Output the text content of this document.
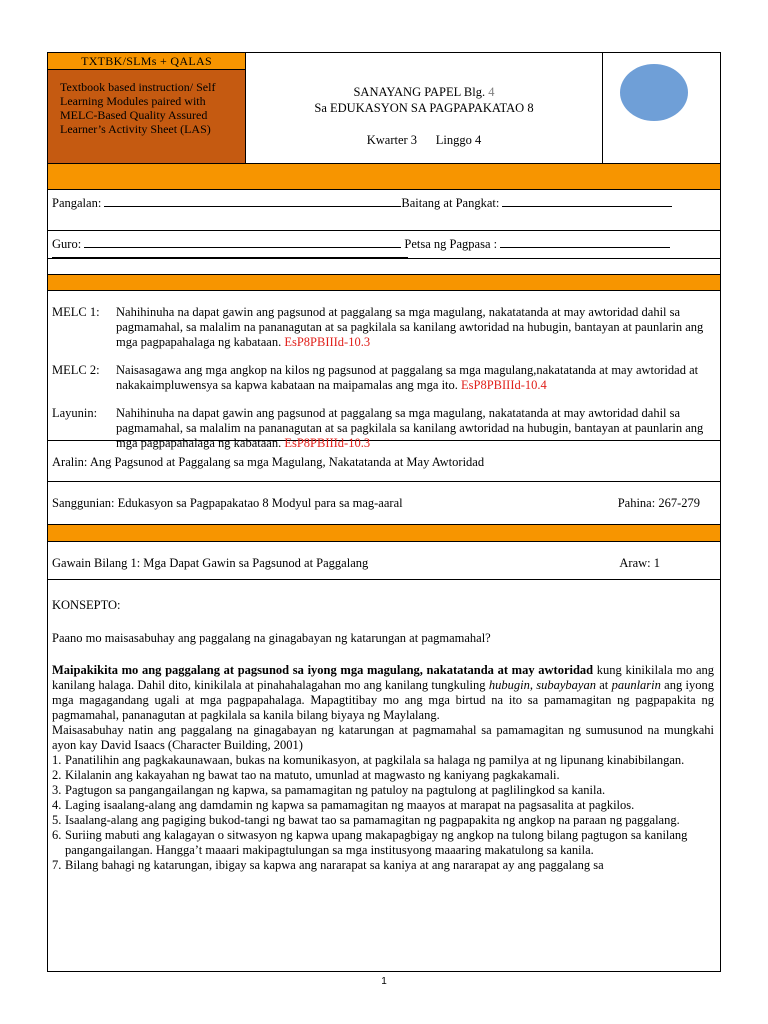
TXTBK/SLMs + QALAS
Textbook based instruction/ Self Learning Modules paired with MELC-Based Quality Assured Learner’s Activity Sheet (LAS)
SANAYANG PAPEL Blg. 4
Sa EDUKASYON SA PAGPAPAKATAO 8
Kwarter 3 Linggo 4
Pangalan:	Baitang at Pangkat:
Guro:	Petsa ng Pagpasa :

MELC 1:	Nahihinuha na dapat gawin ang pagsunod at paggalang sa mga magulang, nakatatanda at may awtoridad dahil sa pagmamahal, sa malalim na pananagutan at sa pagkilala sa kanilang awtoridad na hubugin, bantayan at paunlarin ang mga pagpapahalaga ng kabataan. EsP8PBIIId-10.3

MELC 2:	Naisasagawa ang mga angkop na kilos ng pagsunod at paggalang sa mga magulang,nakatatanda at may awtoridad at nakakaimpluwensya sa kapwa kabataan na maipamalas ang mga ito. EsP8PBIIId-10.4

Layunin:	Nahihinuha na dapat gawin ang pagsunod at paggalang sa mga magulang, nakatatanda at may awtoridad dahil sa pagmamahal, sa malalim na pananagutan at sa pagkilala sa kanilang awtoridad na hubugin, bantayan at paunlarin ang mga pagpapahalaga ng kabataan. EsP8PBIIId-10.3

Aralin: Ang Pagsunod at Paggalang sa mga Magulang, Nakatatanda at May Awtoridad
Sanggunian: Edukasyon sa Pagpapakatao 8 Modyul para sa mag-aaral	Pahina: 267-279
Gawain Bilang 1: Mga Dapat Gawin sa Pagsunod at Paggalang	Araw: 1

KONSEPTO:

Paano mo maisasabuhay ang paggalang na ginagabayan ng katarungan at pagmamahal?

Maipakikita mo ang paggalang at pagsunod sa iyong mga magulang, nakatatanda at may awtoridad kung kinikilala mo ang kanilang halaga. Dahil dito, kinikilala at pinahahalagahan mo ang kanilang tungkuling hubugin, subaybayan at paunlarin ang iyong mga magagandang ugali at mga pagpapahalaga. Mapagtitibay mo ang mga birtud na ito sa pamamagitan ng pagpapakita ng pagmamahal, pananagutan at pagkilala sa kanila bilang biyaya ng Maylalang.

Maisasabuhay natin ang paggalang na ginagabayan ng katarungan at pagmamahal sa pamamagitan ng sumusunod na mungkahi ayon kay David Isaacs (Character Building, 2001)

1. Panatilihin ang pagkakaunawaan, bukas na komunikasyon, at pagkilala sa halaga ng pamilya at ng lipunang kinabibilangan.
2. Kilalanin ang kakayahan ng bawat tao na matuto, umunlad at magwasto ng kaniyang pagkakamali.
3. Pagtugon sa pangangailangan ng kapwa, sa pamamagitan ng patuloy na pagtulong at paglilingkod sa kanila.
4. Laging isaalang-alang ang damdamin ng kapwa sa pamamagitan ng maayos at marapat na pagsasalita at pagkilos.
5. Isaalang-alang ang pagiging bukod-tangi ng bawat tao sa pamamagitan ng pagpapakita ng angkop na paraan ng paggalang.
6. Suriing mabuti ang kalagayan o sitwasyon ng kapwa upang makapagbigay ng angkop na tulong bilang pagtugon sa kanilang pangangailangan. Hangga’t maaari makipagtulungan sa mga institusyong maaaring makatulong sa kanila.
7. Bilang bahagi ng katarungan, ibigay sa kapwa ang nararapat sa kaniya at ang nararapat ay ang paggalang sa
1
